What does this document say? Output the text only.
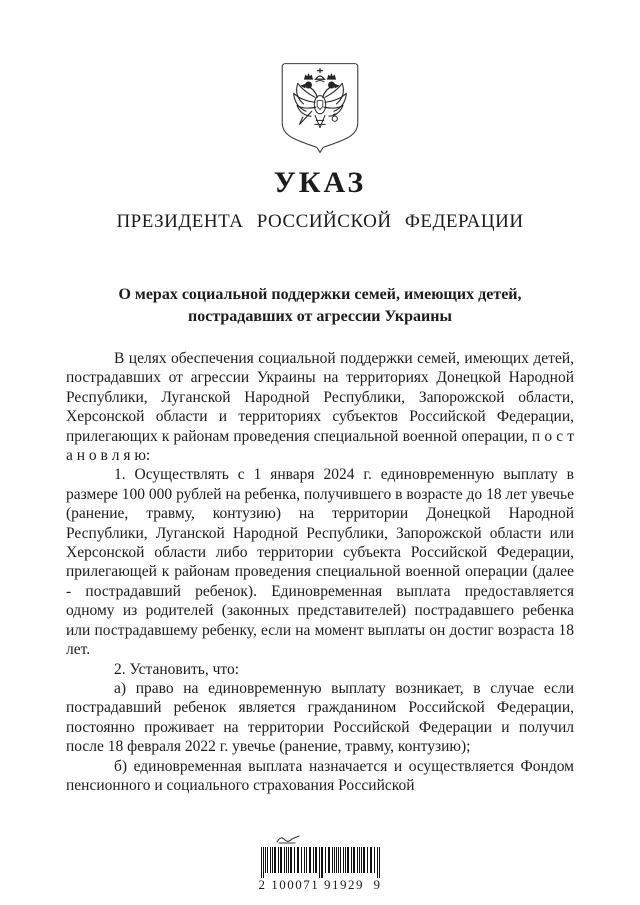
УКАЗ
ПРЕЗИДЕНТА РОССИЙСКОЙ ФЕДЕРАЦИИ
О мерах социальной поддержки семей, имеющих детей,
пострадавших от агрессии Украины

В целях обеспечения социальной поддержки семей, имеющих детей, пострадавших от агрессии Украины на территориях Донецкой Народной Республики, Луганской Народной Республики, Запорожской области, Херсонской области и территориях субъектов Российской Федерации, прилегающих к районам проведения специальной военной операции, п о с т а н о в л я ю:

1. Осуществлять с 1 января 2024 г. единовременную выплату в размере 100 000 рублей на ребенка, получившего в возрасте до 18 лет увечье (ранение, травму, контузию) на территории Донецкой Народной Республики, Луганской Народной Республики, Запорожской области или Херсонской области либо территории субъекта Российской Федерации, прилегающей к районам проведения специальной военной операции (далее - пострадавший ребенок). Единовременная выплата предоставляется одному из родителей (законных представителей) пострадавшего ребенка или пострадавшему ребенку, если на момент выплаты он достиг возраста 18 лет.

2. Установить, что:

а) право на единовременную выплату возникает, в случае если пострадавший ребенок является гражданином Российской Федерации, постоянно проживает на территории Российской Федерации и получил после 18 февраля 2022 г. увечье (ранение, травму, контузию);

б) единовременная выплата назначается и осуществляется Фондом пенсионного и социального страхования Российской

2 100071 91929  9
